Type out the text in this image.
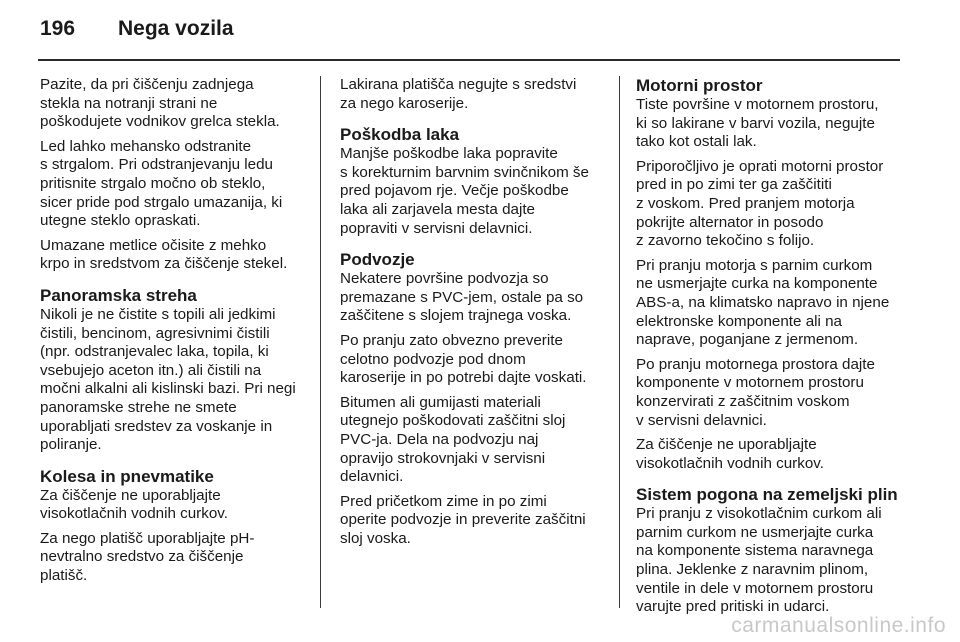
196	Nega vozila

Pazite, da pri čiščenju zadnjega
stekla na notranji strani ne
poškodujete vodnikov grelca stekla.

Led lahko mehansko odstranite
s strgalom. Pri odstranjevanju ledu
pritisnite strgalo močno ob steklo,
sicer pride pod strgalo umazanija, ki
utegne steklo opraskati.

Umazane metlice očisite z mehko
krpo in sredstvom za čiščenje stekel.

Panoramska streha

Nikoli je ne čistite s topili ali jedkimi
čistili, bencinom, agresivnimi čistili
(npr. odstranjevalec laka, topila, ki
vsebujejo aceton itn.) ali čistili na
močni alkalni ali kislinski bazi. Pri negi
panoramske strehe ne smete
uporabljati sredstev za voskanje in
poliranje.

Kolesa in pnevmatike

Za čiščenje ne uporabljajte
visokotlačnih vodnih curkov.

Za nego platišč uporabljajte pH-
nevtralno sredstvo za čiščenje
platišč.

Lakirana platišča negujte s sredstvi
za nego karoserije.

Poškodba laka

Manjše poškodbe laka popravite
s korekturnim barvnim svinčnikom še
pred pojavom rje. Večje poškodbe
laka ali zarjavela mesta dajte
popraviti v servisni delavnici.

Podvozje

Nekatere površine podvozja so
premazane s PVC-jem, ostale pa so
zaščitene s slojem trajnega voska.

Po pranju zato obvezno preverite
celotno podvozje pod dnom
karoserije in po potrebi dajte voskati.

Bitumen ali gumijasti materiali
utegnejo poškodovati zaščitni sloj
PVC-ja. Dela na podvozju naj
opravijo strokovnjaki v servisni
delavnici.

Pred pričetkom zime in po zimi
operite podvozje in preverite zaščitni
sloj voska.

Motorni prostor

Tiste površine v motornem prostoru,
ki so lakirane v barvi vozila, negujte
tako kot ostali lak.

Priporočljivo je oprati motorni prostor
pred in po zimi ter ga zaščititi
z voskom. Pred pranjem motorja
pokrijte alternator in posodo
z zavorno tekočino s folijo.

Pri pranju motorja s parnim curkom
ne usmerjajte curka na komponente
ABS-a, na klimatsko napravo in njene
elektronske komponente ali na
naprave, poganjane z jermenom.

Po pranju motornega prostora dajte
komponente v motornem prostoru
konzervirati z zaščitnim voskom
v servisni delavnici.

Za čiščenje ne uporabljajte
visokotlačnih vodnih curkov.

Sistem pogona na zemeljski plin

Pri pranju z visokotlačnim curkom ali
parnim curkom ne usmerjajte curka
na komponente sistema naravnega
plina. Jeklenke z naravnim plinom,
ventile in dele v motornem prostoru
varujte pred pritiski in udarci.

carmanualsonline.info
